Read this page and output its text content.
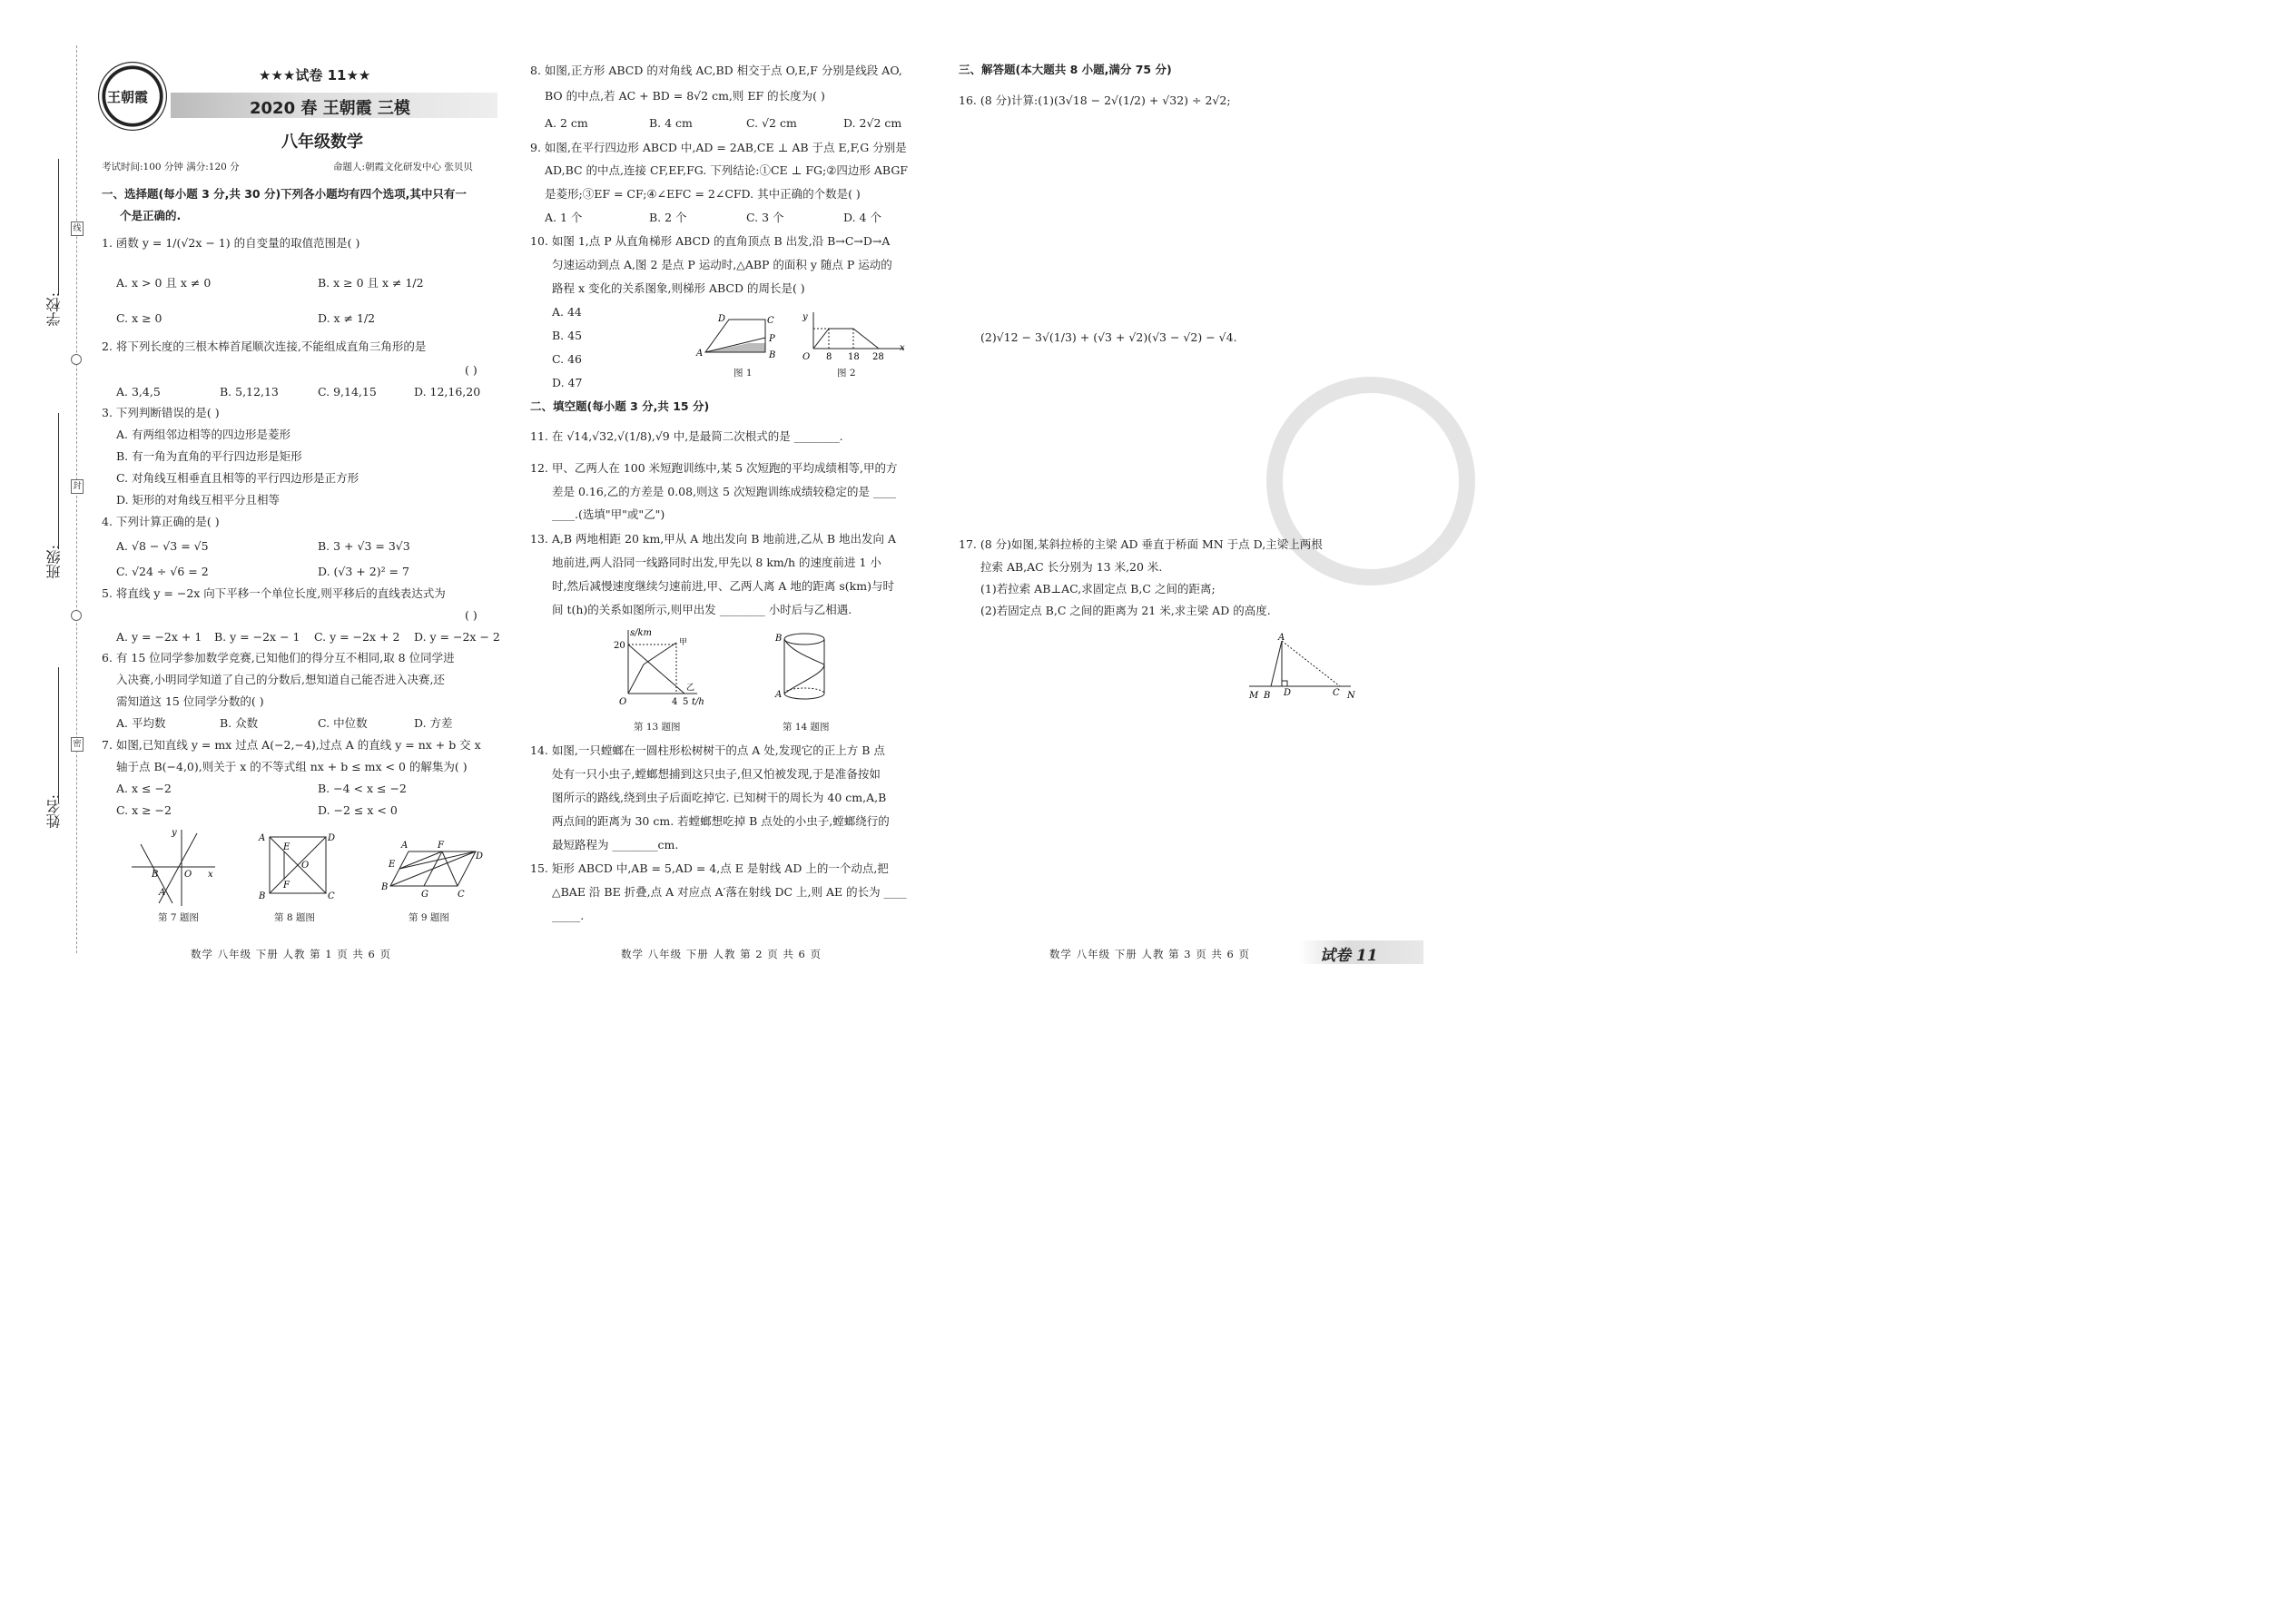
学校:
班级:
姓名:
线
封
密
王朝霞
★★★试卷 11★★
2020 春 王朝霞 三模
八年级数学
考试时间:100 分钟 满分:120 分	命题人:朝霞文化研发中心 张贝贝
一、选择题(每小题 3 分,共 30 分)下列各小题均有四个选项,其中只有一
个是正确的.
1. 函数 y = 1/(√2x − 1) 的自变量的取值范围是( )
A. x > 0 且 x ≠ 0	B. x ≥ 0 且 x ≠ 1/2
C. x ≥ 0	D. x ≠ 1/2
2. 将下列长度的三根木棒首尾顺次连接,不能组成直角三角形的是
( )
A. 3,4,5	B. 5,12,13	C. 9,14,15	D. 12,16,20
3. 下列判断错误的是( )
A. 有两组邻边相等的四边形是菱形
B. 有一角为直角的平行四边形是矩形
C. 对角线互相垂直且相等的平行四边形是正方形
D. 矩形的对角线互相平分且相等
4. 下列计算正确的是( )
A. √8 − √3 = √5	B. 3 + √3 = 3√3
C. √24 ÷ √6 = 2	D. (√3 + 2)² = 7
5. 将直线 y = −2x 向下平移一个单位长度,则平移后的直线表达式为
( )
A. y = −2x + 1 B. y = −2x − 1 C. y = −2x + 2 D. y = −2x − 2
6. 有 15 位同学参加数学竞赛,已知他们的得分互不相同,取 8 位同学进
入决赛,小明同学知道了自己的分数后,想知道自己能否进入决赛,还
需知道这 15 位同学分数的( )
A. 平均数	B. 众数	C. 中位数	D. 方差
7. 如图,已知直线 y = mx 过点 A(−2,−4),过点 A 的直线 y = nx + b 交 x
轴于点 B(−4,0),则关于 x 的不等式组 nx + b ≤ mx < 0 的解集为( )
A. x ≤ −2	B. −4 < x ≤ −2
C. x ≥ −2	D. −2 ≤ x < 0
y
x
O
B
A
第 7 题图
A	D
B	C
E
F
O
第 8 题图
A	F
D
E
B
G	C
第 9 题图
数学 八年级 下册 人教 第 1 页 共 6 页
8. 如图,正方形 ABCD 的对角线 AC,BD 相交于点 O,E,F 分别是线段 AO,
BO 的中点,若 AC + BD = 8√2 cm,则 EF 的长度为( )
A. 2 cm	B. 4 cm	C. √2 cm	D. 2√2 cm
9. 如图,在平行四边形 ABCD 中,AD = 2AB,CE ⊥ AB 于点 E,F,G 分别是
AD,BC 的中点,连接 CF,EF,FG. 下列结论:①CE ⊥ FG;②四边形 ABGF
是菱形;③EF = CF;④∠EFC = 2∠CFD. 其中正确的个数是( )
A. 1 个	B. 2 个	C. 3 个	D. 4 个
10. 如图 1,点 P 从直角梯形 ABCD 的直角顶点 B 出发,沿 B→C→D→A
匀速运动到点 A,图 2 是点 P 运动时,△ABP 的面积 y 随点 P 运动的
路程 x 变化的关系图象,则梯形 ABCD 的周长是( )
A. 44
B. 45
C. 46
D. 47
D	C
P
A	B
图 1
y
x
O 8 18 28
图 2
二、填空题(每小题 3 分,共 15 分)
11. 在 √14,√32,√(1/8),√9 中,是最简二次根式的是 ________.
12. 甲、乙两人在 100 米短跑训练中,某 5 次短跑的平均成绩相等,甲的方
差是 0.16,乙的方差是 0.08,则这 5 次短跑训练成绩较稳定的是 ____
____.(选填"甲"或"乙")
13. A,B 两地相距 20 km,甲从 A 地出发向 B 地前进,乙从 B 地出发向 A
地前进,两人沿同一线路同时出发,甲先以 8 km/h 的速度前进 1 小
时,然后减慢速度继续匀速前进,甲、乙两人离 A 地的距离 s(km)与时
间 t(h)的关系如图所示,则甲出发 ________ 小时后与乙相遇.
s/km
t/h
20
O	4 5
甲
乙
第 13 题图
B
A
第 14 题图
14. 如图,一只螳螂在一圆柱形松树树干的点 A 处,发现它的正上方 B 点
处有一只小虫子,螳螂想捕到这只虫子,但又怕被发现,于是准备按如
图所示的路线,绕到虫子后面吃掉它. 已知树干的周长为 40 cm,A,B
两点间的距离为 30 cm. 若螳螂想吃掉 B 点处的小虫子,螳螂绕行的
最短路程为 ________cm.
15. 矩形 ABCD 中,AB = 5,AD = 4,点 E 是射线 AD 上的一个动点,把
△BAE 沿 BE 折叠,点 A 对应点 A′落在射线 DC 上,则 AE 的长为 ____
_____.
数学 八年级 下册 人教 第 2 页 共 6 页
三、解答题(本大题共 8 小题,满分 75 分)
16. (8 分)计算:(1)(3√18 − 2√(1/2) + √32) ÷ 2√2;
(2)√12 − 3√(1/3) + (√3 + √2)(√3 − √2) − √4.
17. (8 分)如图,某斜拉桥的主梁 AD 垂直于桥面 MN 于点 D,主梁上两根
拉索 AB,AC 长分别为 13 米,20 米.
(1)若拉索 AB⊥AC,求固定点 B,C 之间的距离;
(2)若固定点 B,C 之间的距离为 21 米,求主梁 AD 的高度.
A
M B D	C N
数学 八年级 下册 人教 第 3 页 共 6 页	试卷 11
